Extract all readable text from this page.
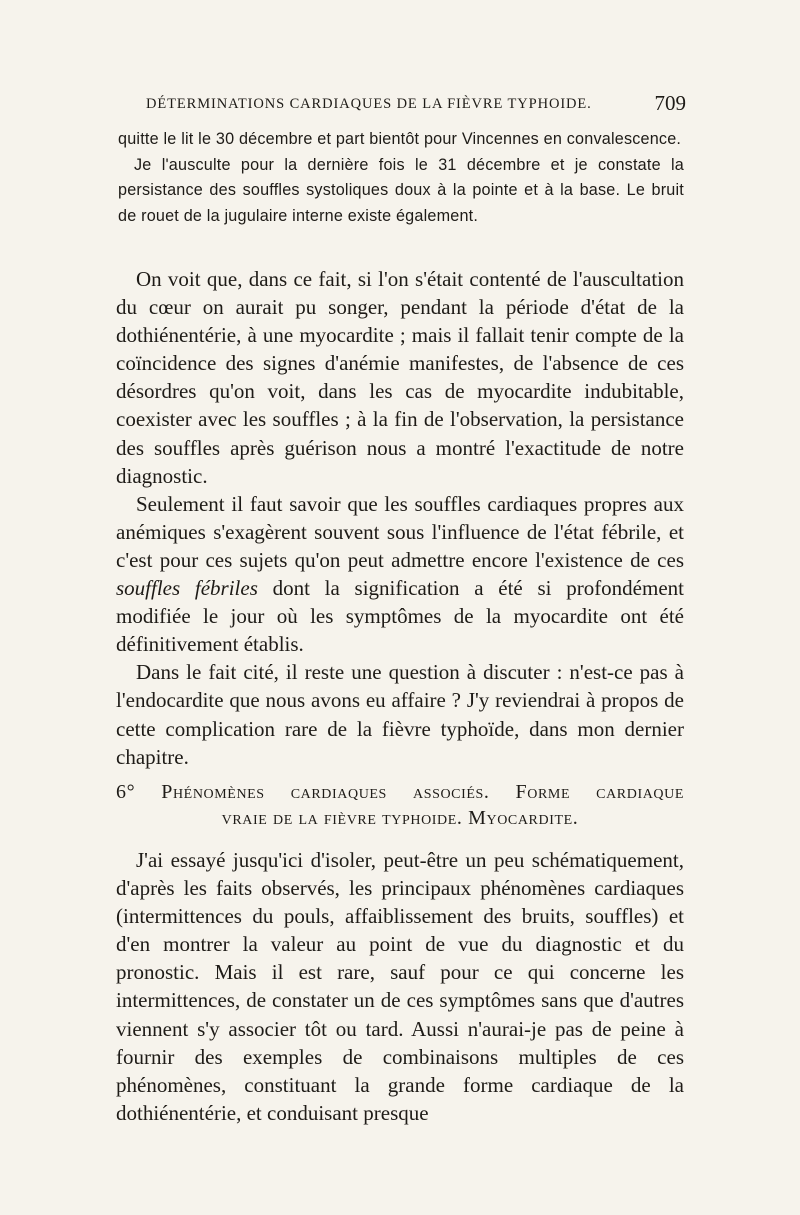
DÉTERMINATIONS CARDIAQUES DE LA FIÈVRE TYPHOIDE.	709

quitte le lit le 30 décembre et part bientôt pour Vincennes en convalescence.

Je l'ausculte pour la dernière fois le 31 décembre et je constate la persistance des souffles systoliques doux à la pointe et à la base. Le bruit de rouet de la jugulaire interne existe également.

On voit que, dans ce fait, si l'on s'était contenté de l'auscultation du cœur on aurait pu songer, pendant la période d'état de la dothiénentérie, à une myocardite ; mais il fallait tenir compte de la coïncidence des signes d'anémie manifestes, de l'absence de ces désordres qu'on voit, dans les cas de myocardite indubitable, coexister avec les souffles ; à la fin de l'observation, la persistance des souffles après guérison nous a montré l'exactitude de notre diagnostic.

Seulement il faut savoir que les souffles cardiaques propres aux anémiques s'exagèrent souvent sous l'influence de l'état fébrile, et c'est pour ces sujets qu'on peut admettre encore l'existence de ces souffles fébriles dont la signification a été si profondément modifiée le jour où les symptômes de la myocardite ont été définitivement établis.

Dans le fait cité, il reste une question à discuter : n'est-ce pas à l'endocardite que nous avons eu affaire ? J'y reviendrai à propos de cette complication rare de la fièvre typhoïde, dans mon dernier chapitre.

6° Phénomènes cardiaques associés. Forme cardiaque
vraie de la fièvre typhoide. Myocardite.

J'ai essayé jusqu'ici d'isoler, peut-être un peu schématiquement, d'après les faits observés, les principaux phénomènes cardiaques (intermittences du pouls, affaiblissement des bruits, souffles) et d'en montrer la valeur au point de vue du diagnostic et du pronostic. Mais il est rare, sauf pour ce qui concerne les intermittences, de constater un de ces symptômes sans que d'autres viennent s'y associer tôt ou tard. Aussi n'aurai-je pas de peine à fournir des exemples de combinaisons multiples de ces phénomènes, constituant la grande forme cardiaque de la dothiénentérie, et conduisant presque
